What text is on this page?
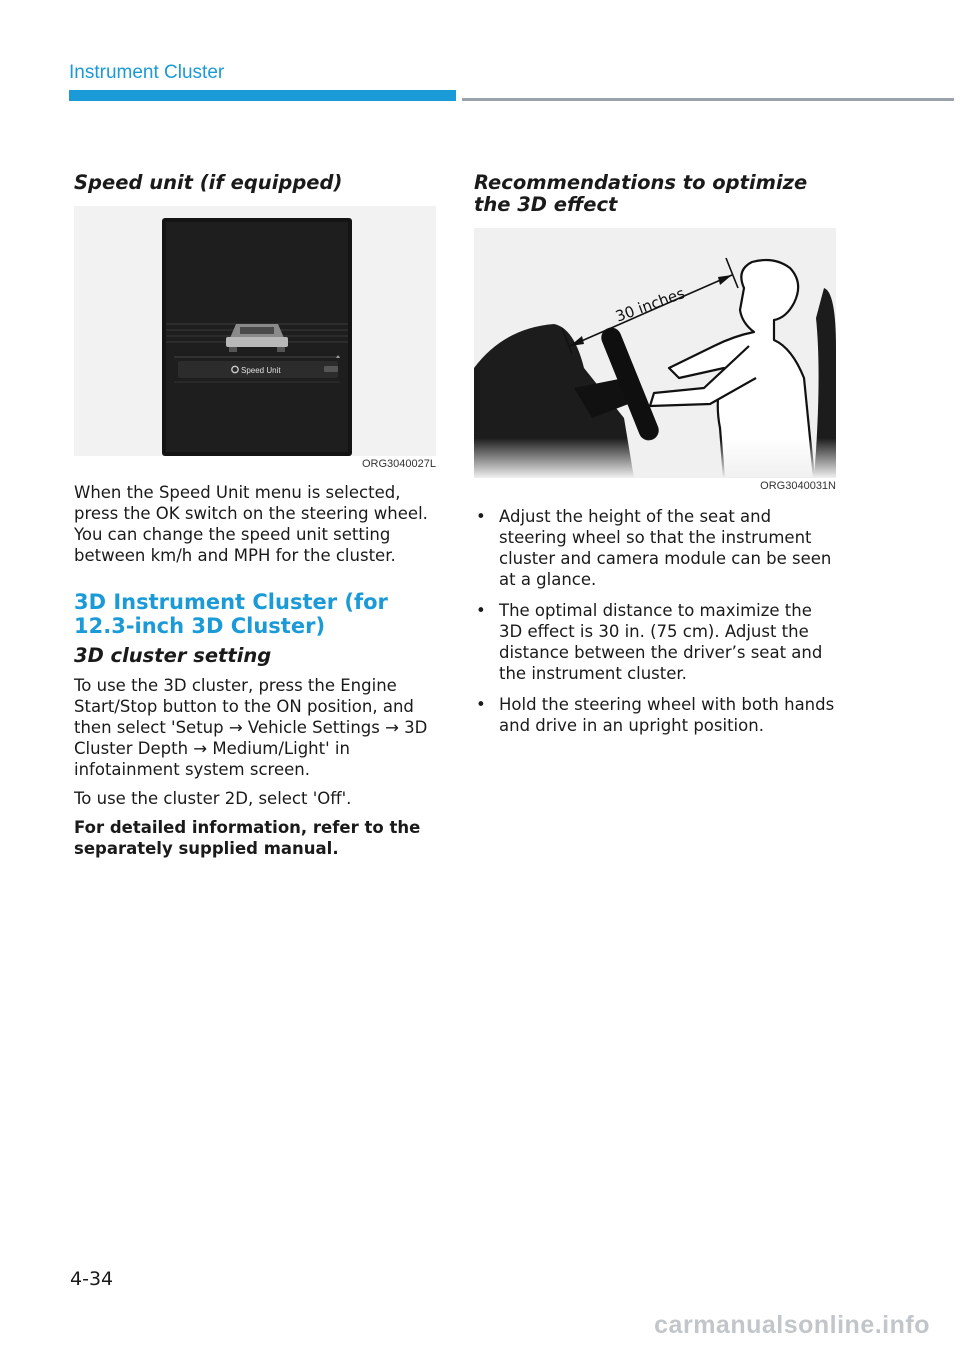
Instrument Cluster
Speed unit (if equipped)
Speed Unit
ORG3040027L

When the Speed Unit menu is selected, press the OK switch on the steering wheel. You can change the speed unit setting between km/h and MPH for the cluster.

3D Instrument Cluster (for 12.3-inch 3D Cluster)
3D cluster setting

To use the 3D cluster, press the Engine Start/Stop button to the ON position, and then select 'Setup → Vehicle Settings → 3D Cluster Depth → Medium/Light' in infotainment system screen.

To use the cluster 2D, select 'Off'.

For detailed information, refer to the separately supplied manual.

Recommendations to optimize the 3D effect
30 inches
ORG3040031N
• Adjust the height of the seat and steering wheel so that the instrument cluster and camera module can be seen at a glance.
• The optimal distance to maximize the 3D effect is 30 in. (75 cm). Adjust the distance between the driver’s seat and the instrument cluster.
• Hold the steering wheel with both hands and drive in an upright position.
4-34
carmanualsonline.info
